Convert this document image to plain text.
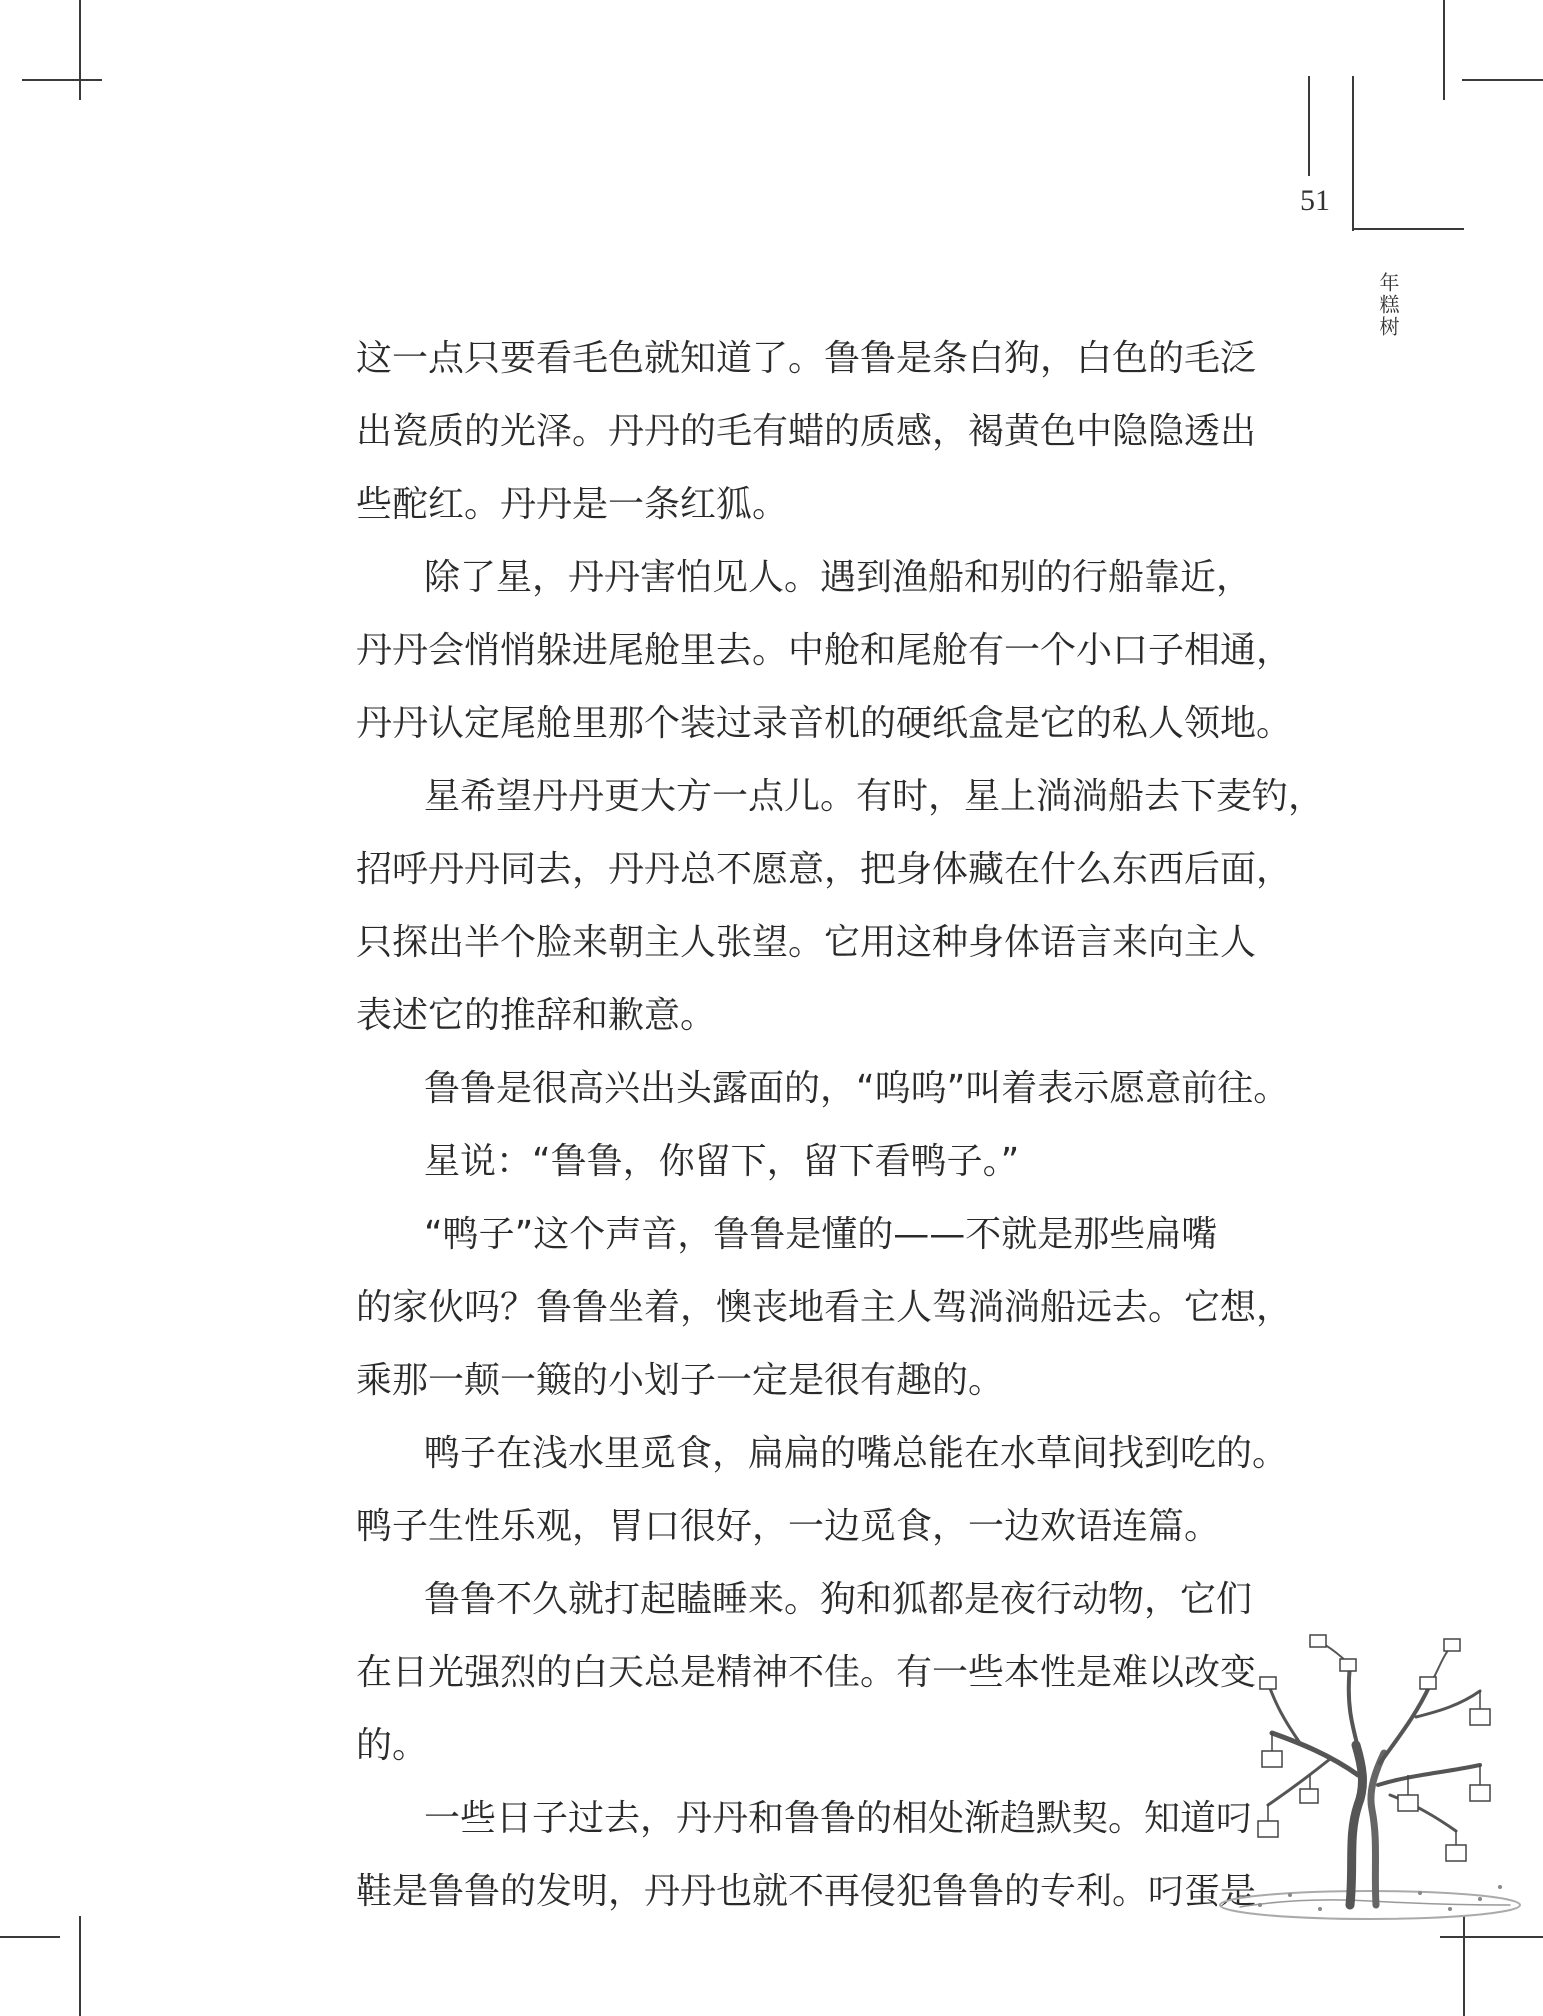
51
年糕树
这一点只要看毛色就知道了。鲁鲁是条白狗，白色的毛泛
出瓷质的光泽。丹丹的毛有蜡的质感，褐黄色中隐隐透出
些酡红。丹丹是一条红狐。
除了星，丹丹害怕见人。遇到渔船和别的行船靠近，
丹丹会悄悄躲进尾舱里去。中舱和尾舱有一个小口子相通，
丹丹认定尾舱里那个装过录音机的硬纸盒是它的私人领地。
星希望丹丹更大方一点儿。有时，星上淌淌船去下麦钓，
招呼丹丹同去，丹丹总不愿意，把身体藏在什么东西后面，
只探出半个脸来朝主人张望。它用这种身体语言来向主人
表述它的推辞和歉意。
鲁鲁是很高兴出头露面的，“呜呜”叫着表示愿意前往。
星说：“鲁鲁，你留下，留下看鸭子。”
“鸭子”这个声音，鲁鲁是懂的——不就是那些扁嘴
的家伙吗？鲁鲁坐着，懊丧地看主人驾淌淌船远去。它想，
乘那一颠一簸的小划子一定是很有趣的。
鸭子在浅水里觅食，扁扁的嘴总能在水草间找到吃的。
鸭子生性乐观，胃口很好，一边觅食，一边欢语连篇。
鲁鲁不久就打起瞌睡来。狗和狐都是夜行动物，它们
在日光强烈的白天总是精神不佳。有一些本性是难以改变
的。
一些日子过去，丹丹和鲁鲁的相处渐趋默契。知道叼
鞋是鲁鲁的发明，丹丹也就不再侵犯鲁鲁的专利。叼蛋是
